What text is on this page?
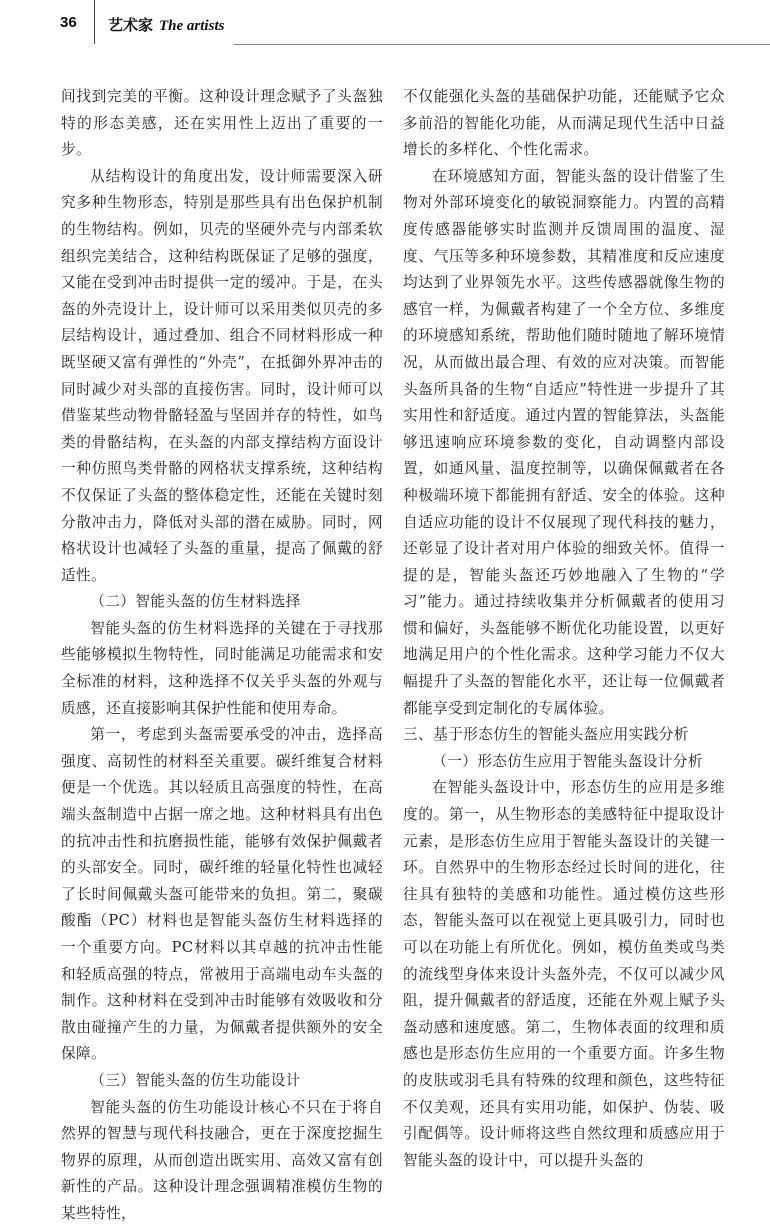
36 艺术家 The artists

间找到完美的平衡。这种设计理念赋予了头盔独特的形态美感，还在实用性上迈出了重要的一步。

从结构设计的角度出发，设计师需要深入研究多种生物形态，特别是那些具有出色保护机制的生物结构。例如，贝壳的坚硬外壳与内部柔软组织完美结合，这种结构既保证了足够的强度，又能在受到冲击时提供一定的缓冲。于是，在头盔的外壳设计上，设计师可以采用类似贝壳的多层结构设计，通过叠加、组合不同材料形成一种既坚硬又富有弹性的“外壳”，在抵御外界冲击的同时减少对头部的直接伤害。同时，设计师可以借鉴某些动物骨骼轻盈与坚固并存的特性，如鸟类的骨骼结构，在头盔的内部支撑结构方面设计一种仿照鸟类骨骼的网格状支撑系统，这种结构不仅保证了头盔的整体稳定性，还能在关键时刻分散冲击力，降低对头部的潜在威胁。同时，网格状设计也减轻了头盔的重量，提高了佩戴的舒适性。

（二）智能头盔的仿生材料选择

智能头盔的仿生材料选择的关键在于寻找那些能够模拟生物特性，同时能满足功能需求和安全标准的材料，这种选择不仅关乎头盔的外观与质感，还直接影响其保护性能和使用寿命。

第一，考虑到头盔需要承受的冲击，选择高强度、高韧性的材料至关重要。碳纤维复合材料便是一个优选。其以轻质且高强度的特性，在高端头盔制造中占据一席之地。这种材料具有出色的抗冲击性和抗磨损性能，能够有效保护佩戴者的头部安全。同时，碳纤维的轻量化特性也减轻了长时间佩戴头盔可能带来的负担。第二，聚碳酸酯（PC）材料也是智能头盔仿生材料选择的一个重要方向。PC材料以其卓越的抗冲击性能和轻质高强的特点，常被用于高端电动车头盔的制作。这种材料在受到冲击时能够有效吸收和分散由碰撞产生的力量，为佩戴者提供额外的安全保障。

（三）智能头盔的仿生功能设计

智能头盔的仿生功能设计核心不只在于将自然界的智慧与现代科技融合，更在于深度挖掘生物界的原理，从而创造出既实用、高效又富有创新性的产品。这种设计理念强调精准模仿生物的某些特性，

不仅能强化头盔的基础保护功能，还能赋予它众多前沿的智能化功能，从而满足现代生活中日益增长的多样化、个性化需求。

在环境感知方面，智能头盔的设计借鉴了生物对外部环境变化的敏锐洞察能力。内置的高精度传感器能够实时监测并反馈周围的温度、湿度、气压等多种环境参数，其精准度和反应速度均达到了业界领先水平。这些传感器就像生物的感官一样，为佩戴者构建了一个全方位、多维度的环境感知系统，帮助他们随时随地了解环境情况，从而做出最合理、有效的应对决策。而智能头盔所具备的生物“自适应”特性进一步提升了其实用性和舒适度。通过内置的智能算法，头盔能够迅速响应环境参数的变化，自动调整内部设置，如通风量、温度控制等，以确保佩戴者在各种极端环境下都能拥有舒适、安全的体验。这种自适应功能的设计不仅展现了现代科技的魅力，还彰显了设计者对用户体验的细致关怀。值得一提的是，智能头盔还巧妙地融入了生物的“学习”能力。通过持续收集并分析佩戴者的使用习惯和偏好，头盔能够不断优化功能设置，以更好地满足用户的个性化需求。这种学习能力不仅大幅提升了头盔的智能化水平，还让每一位佩戴者都能享受到定制化的专属体验。

三、基于形态仿生的智能头盔应用实践分析
（一）形态仿生应用于智能头盔设计分析

在智能头盔设计中，形态仿生的应用是多维度的。第一，从生物形态的美感特征中提取设计元素，是形态仿生应用于智能头盔设计的关键一环。自然界中的生物形态经过长时间的进化，往往具有独特的美感和功能性。通过模仿这些形态，智能头盔可以在视觉上更具吸引力，同时也可以在功能上有所优化。例如，模仿鱼类或鸟类的流线型身体来设计头盔外壳，不仅可以减少风阻，提升佩戴者的舒适度，还能在外观上赋予头盔动感和速度感。第二，生物体表面的纹理和质感也是形态仿生应用的一个重要方面。许多生物的皮肤或羽毛具有特殊的纹理和颜色，这些特征不仅美观，还具有实用功能，如保护、伪装、吸引配偶等。设计师将这些自然纹理和质感应用于智能头盔的设计中，可以提升头盔的
